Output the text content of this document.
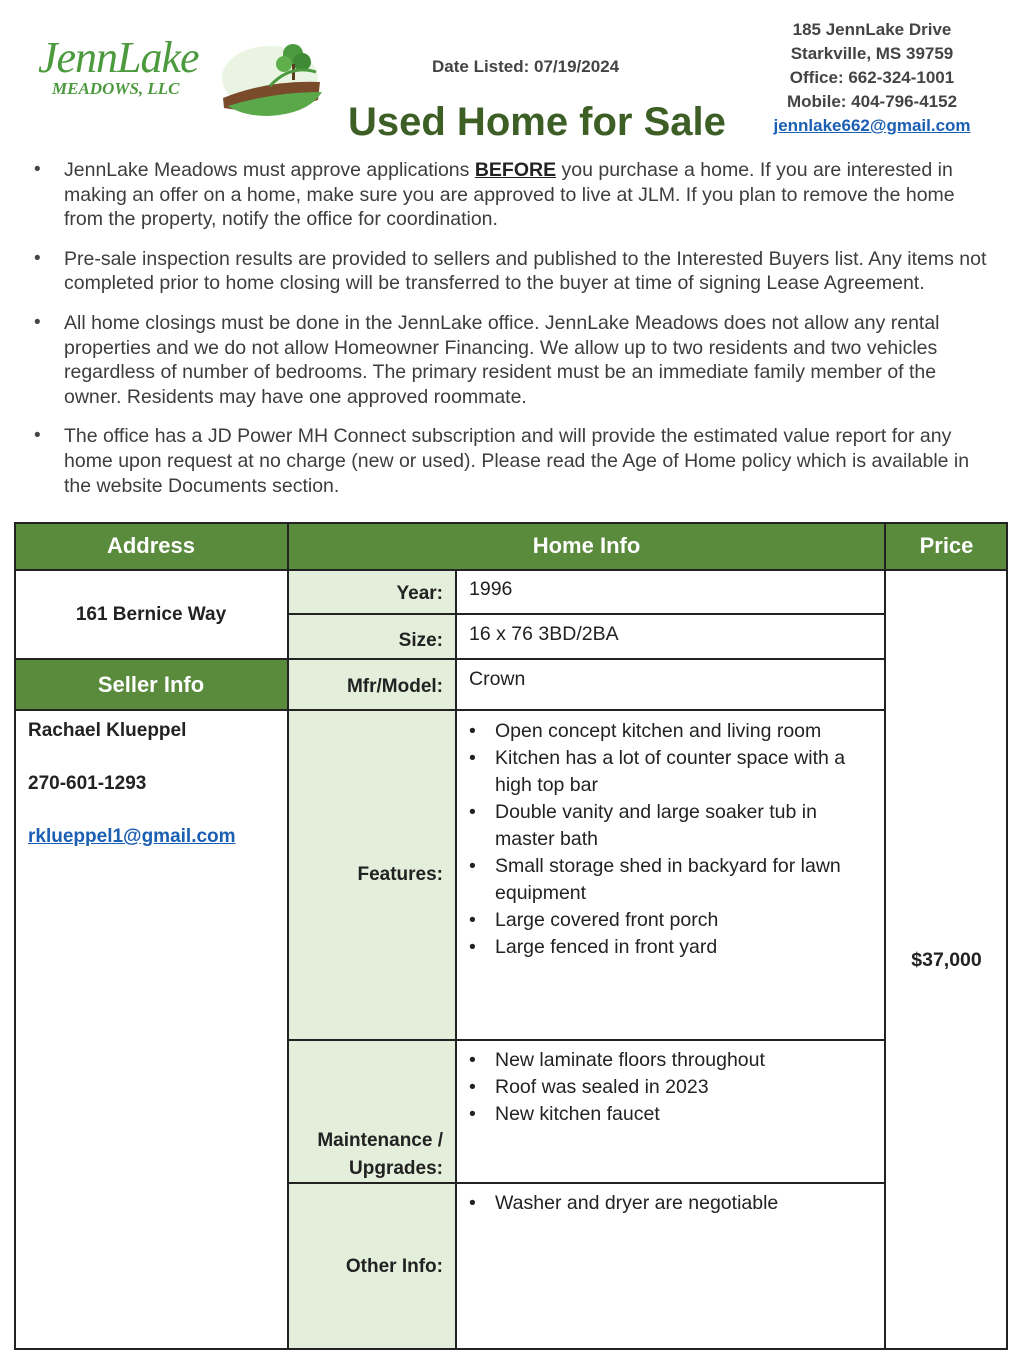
JennLake
MEADOWS, LLC
Date Listed: 07/19/2024
Used Home for Sale
185 JennLake Drive
Starkville, MS 39759
Office: 662-324-1001
Mobile: 404-796-4152
jennlake662@gmail.com
• JennLake Meadows must approve applications BEFORE you purchase a home. If you are interested in making an offer on a home, make sure you are approved to live at JLM. If you plan to remove the home from the property, notify the office for coordination.
• Pre-sale inspection results are provided to sellers and published to the Interested Buyers list. Any items not completed prior to home closing will be transferred to the buyer at time of signing Lease Agreement.
• All home closings must be done in the JennLake office. JennLake Meadows does not allow any rental properties and we do not allow Homeowner Financing. We allow up to two residents and two vehicles regardless of number of bedrooms. The primary resident must be an immediate family member of the owner. Residents may have one approved roommate.
• The office has a JD Power MH Connect subscription and will provide the estimated value report for any home upon request at no charge (new or used). Please read the Age of Home policy which is available in the website Documents section.
Address	Home Info	Price
161 Bernice Way
Seller Info
Rachael Klueppel
270-601-1293
rklueppel1@gmail.com
Year:
Size:
Mfr/Model:
Features:
Maintenance /
Upgrades:
Other Info:
1996
16 x 76 3BD/2BA
Crown
• Open concept kitchen and living room
• Kitchen has a lot of counter space with a high top bar
• Double vanity and large soaker tub in master bath
• Small storage shed in backyard for lawn equipment
• Large covered front porch
• Large fenced in front yard
• New laminate floors throughout
• Roof was sealed in 2023
• New kitchen faucet
• Washer and dryer are negotiable
$37,000
